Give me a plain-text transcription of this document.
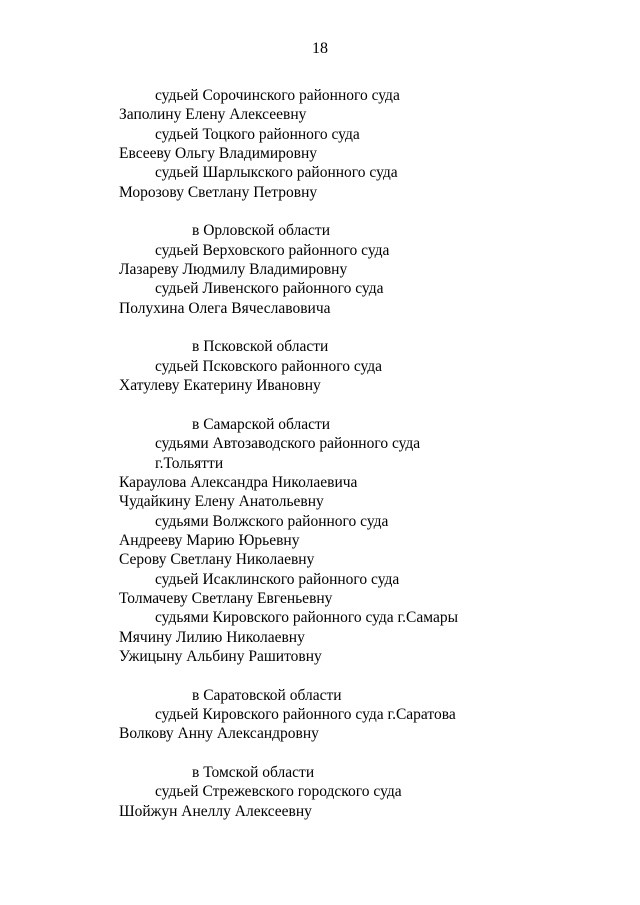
18
судьей Сорочинского районного суда
Заполину Елену Алексеевну
судьей Тоцкого районного суда
Евсееву Ольгу Владимировну
судьей Шарлыкского районного суда
Морозову Светлану Петровну
в Орловской области
судьей Верховского районного суда
Лазареву Людмилу Владимировну
судьей Ливенского районного суда
Полухина Олега Вячеславовича
в Псковской области
судьей Псковского районного суда
Хатулеву Екатерину Ивановну
в Самарской области
судьями Автозаводского районного суда
г.Тольятти
Караулова Александра Николаевича
Чудайкину Елену Анатольевну
судьями Волжского районного суда
Андрееву Марию Юрьевну
Серову Светлану Николаевну
судьей Исаклинского районного суда
Толмачеву Светлану Евгеньевну
судьями Кировского районного суда г.Самары
Мячину Лилию Николаевну
Ужицыну Альбину Рашитовну
в Саратовской области
судьей Кировского районного суда г.Саратова
Волкову Анну Александровну
в Томской области
судьей Стрежевского городского суда
Шойжун Анеллу Алексеевну
